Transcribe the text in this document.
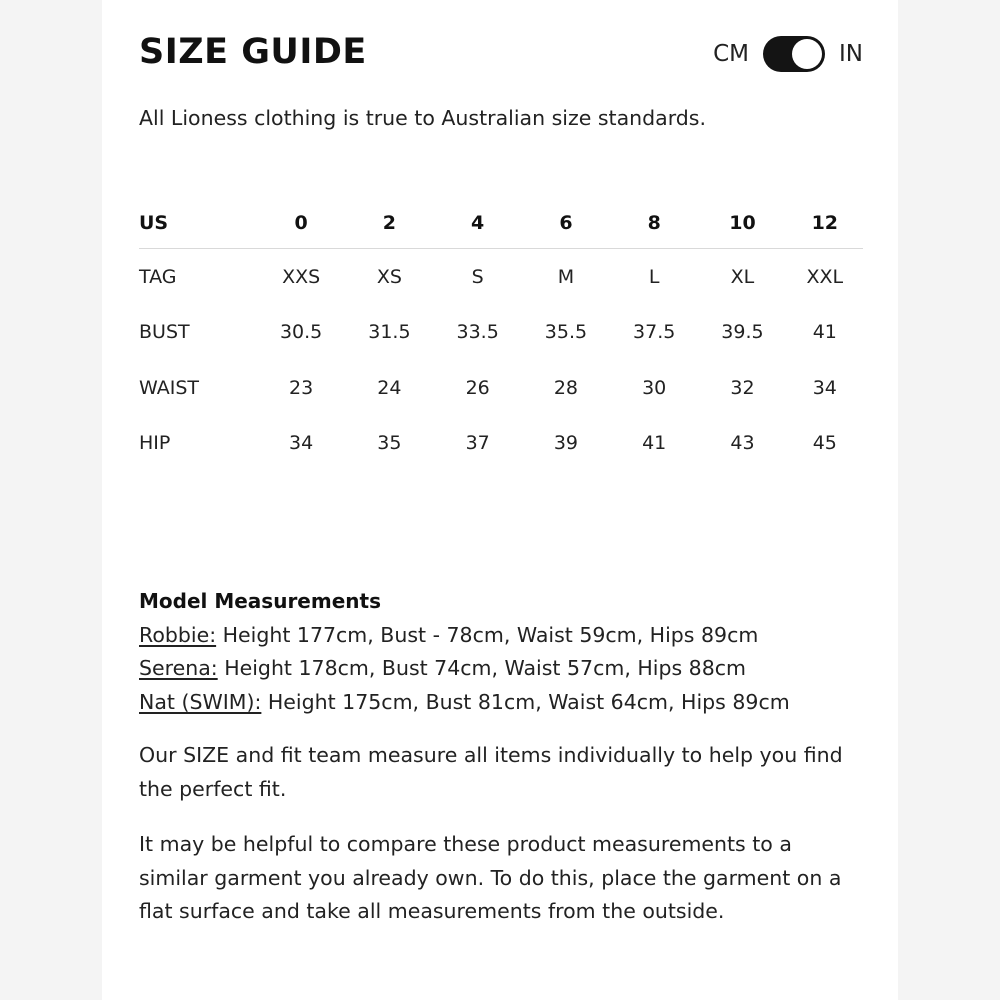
SIZE GUIDE	CM	IN

All Lioness clothing is true to Australian size standards.

US	0	2	4	6	8	10	12
TAG	XXS	XS	S	M	L	XL	XXL
BUST	30.5	31.5	33.5	35.5	37.5	39.5	41
WAIST	23	24	26	28	30	32	34
HIP	34	35	37	39	41	43	45

Model Measurements

Robbie: Height 177cm, Bust - 78cm, Waist 59cm, Hips 89cm

Serena: Height 178cm, Bust 74cm, Waist 57cm, Hips 88cm

Nat (SWIM): Height 175cm, Bust 81cm, Waist 64cm, Hips 89cm

Our SIZE and fit team measure all items individually to help you find the perfect fit.

It may be helpful to compare these product measurements to a similar garment you already own. To do this, place the garment on a flat surface and take all measurements from the outside.
